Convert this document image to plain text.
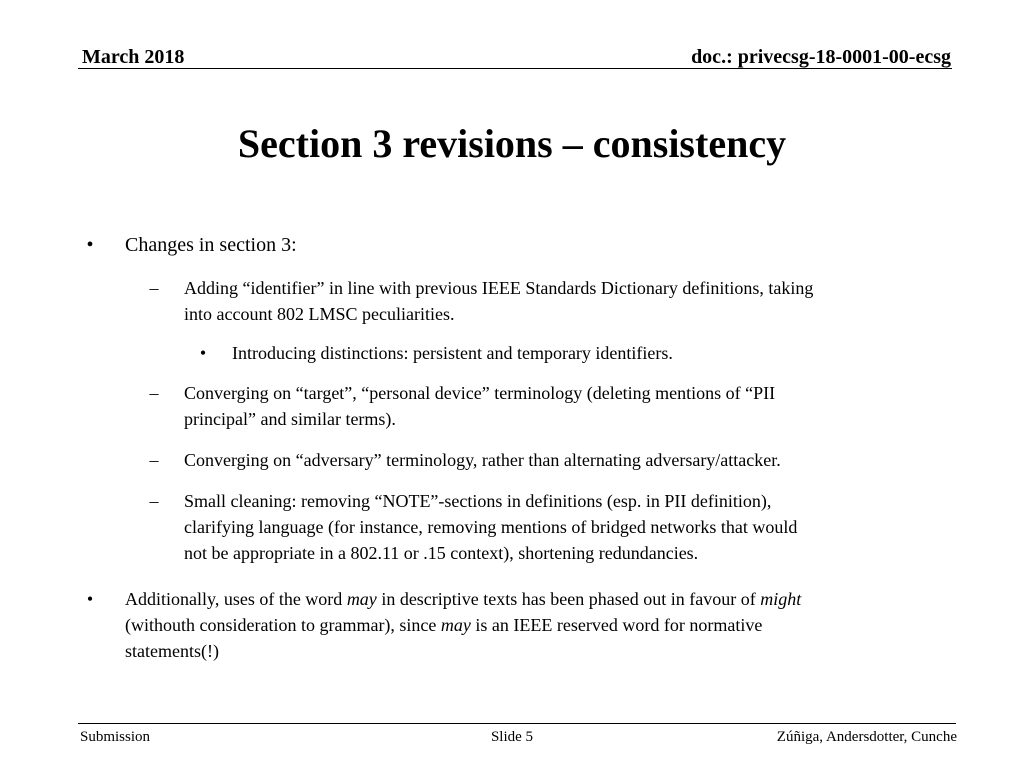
March 2018	doc.: privecsg-18-0001-00-ecsg
Section 3 revisions – consistency
•	Changes in section 3:
–	Adding “identifier” in line with previous IEEE Standards Dictionary definitions, taking
into account 802 LMSC peculiarities.
•	Introducing distinctions: persistent and temporary identifiers.
–	Converging on “target”, “personal device” terminology (deleting mentions of “PII
principal” and similar terms).
–	Converging on “adversary” terminology, rather than alternating adversary/attacker.
–	Small cleaning: removing “NOTE”-sections in definitions (esp. in PII definition),
clarifying language (for instance, removing mentions of bridged networks that would
not be appropriate in a 802.11 or .15 context), shortening redundancies.
•	Additionally, uses of the word may in descriptive texts has been phased out in favour of might
(withouth consideration to grammar), since may is an IEEE reserved word for normative
statements(!)
Submission	Slide 5	Zúñiga, Andersdotter, Cunche
